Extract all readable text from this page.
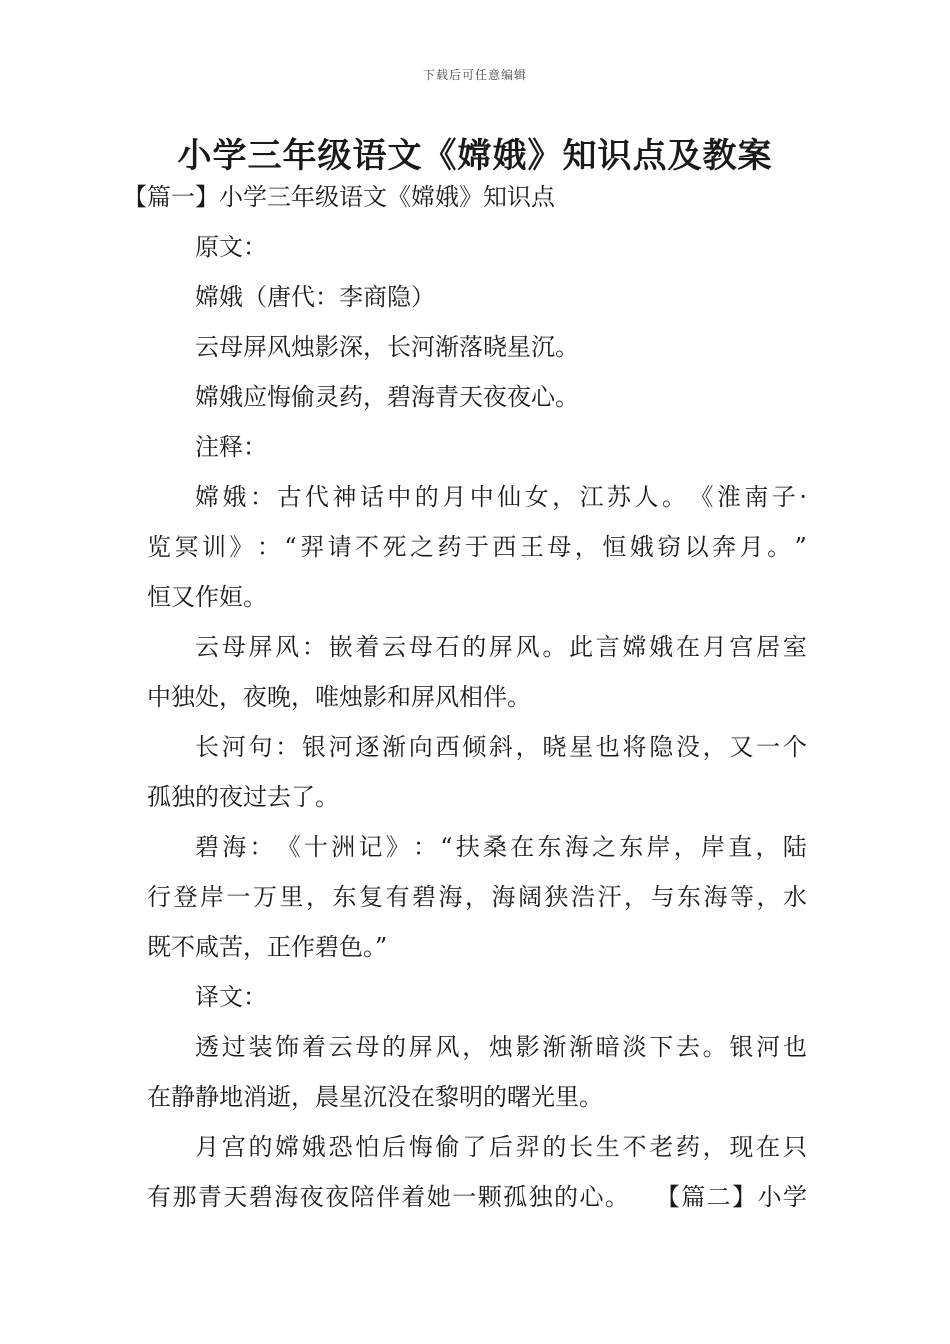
下载后可任意编辑
小学三年级语文《嫦娥》知识点及教案
【篇一】小学三年级语文《嫦娥》知识点
原文：
嫦娥（唐代：李商隐）
云母屏风烛影深，长河渐落晓星沉。
嫦娥应悔偷灵药，碧海青天夜夜心。
注释：
嫦 娥 ： 古 代 神 话 中 的 月 中 仙 女 ， 江 苏 人 。 《 淮 南 子 ·
览 冥 训 》 ： “ 羿 请 不 死 之 药 于 西 王 母 ， 恒 娥 窃 以 奔 月 。 ”
恒又作姮。
云 母 屏 风 ： 嵌 着 云 母 石 的 屏 风 。 此 言 嫦 娥 在 月 宫 居 室
中独处，夜晚，唯烛影和屏风相伴。
长 河 句 ： 银 河 逐 渐 向 西 倾 斜 ， 晓 星 也 将 隐 没 ， 又 一 个
孤独的夜过去了。
碧 海 ： 《 十 洲 记 》 ： “ 扶 桑 在 东 海 之 东 岸 ， 岸 直 ， 陆
行 登 岸 一 万 里 ， 东 复 有 碧 海 ， 海 阔 狭 浩 汗 ， 与 东 海 等 ， 水
既不咸苦，正作碧色。”
译文：
透 过 装 饰 着 云 母 的 屏 风 ， 烛 影 渐 渐 暗 淡 下 去 。 银 河 也
在静静地消逝，晨星沉没在黎明的曙光里。
月 宫 的 嫦 娥 恐 怕 后 悔 偷 了 后 羿 的 长 生 不 老 药 ， 现 在 只
有 那 青 天 碧 海 夜 夜 陪 伴 着 她 一 颗 孤 独 的 心 。
　 【 篇 二 】 小 学
